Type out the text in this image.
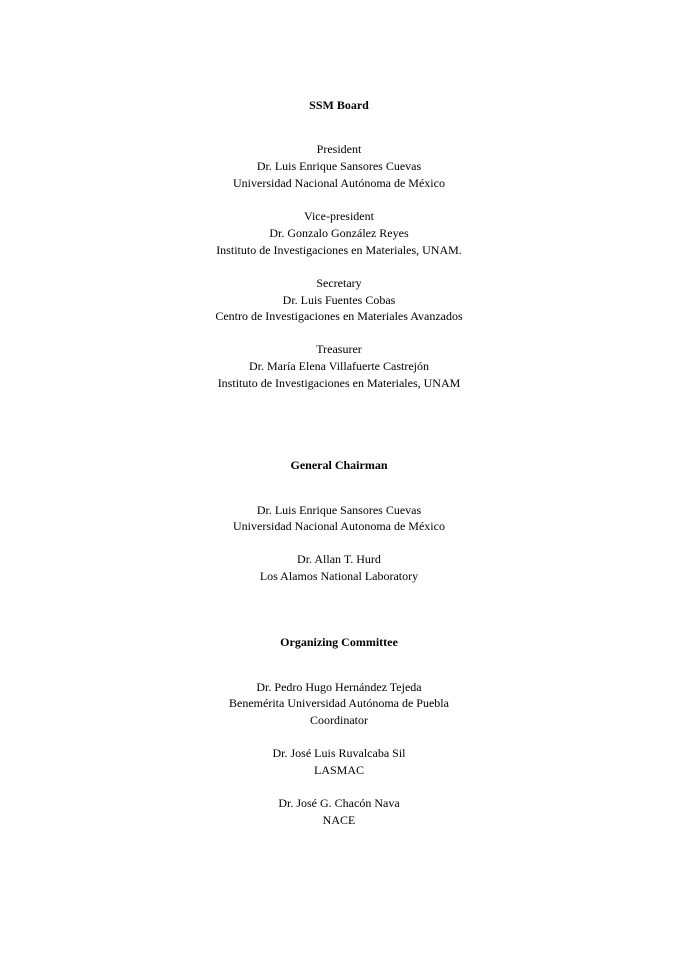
SSM Board
President
Dr. Luis Enrique Sansores Cuevas
Universidad Nacional Autónoma de México
Vice-president
Dr. Gonzalo González Reyes
Instituto de Investigaciones en Materiales, UNAM.
Secretary
Dr. Luis Fuentes Cobas
Centro de Investigaciones en Materiales Avanzados
Treasurer
Dr. María Elena Villafuerte Castrejón
Instituto de Investigaciones en Materiales, UNAM
General Chairman
Dr. Luis Enrique Sansores Cuevas
Universidad Nacional Autonoma de México
Dr. Allan T. Hurd
Los Alamos National Laboratory
Organizing Committee
Dr. Pedro Hugo Hernández Tejeda
Benemérita Universidad Autónoma de Puebla
Coordinator
Dr. José Luis Ruvalcaba Sil
LASMAC
Dr. José G. Chacón Nava
NACE
